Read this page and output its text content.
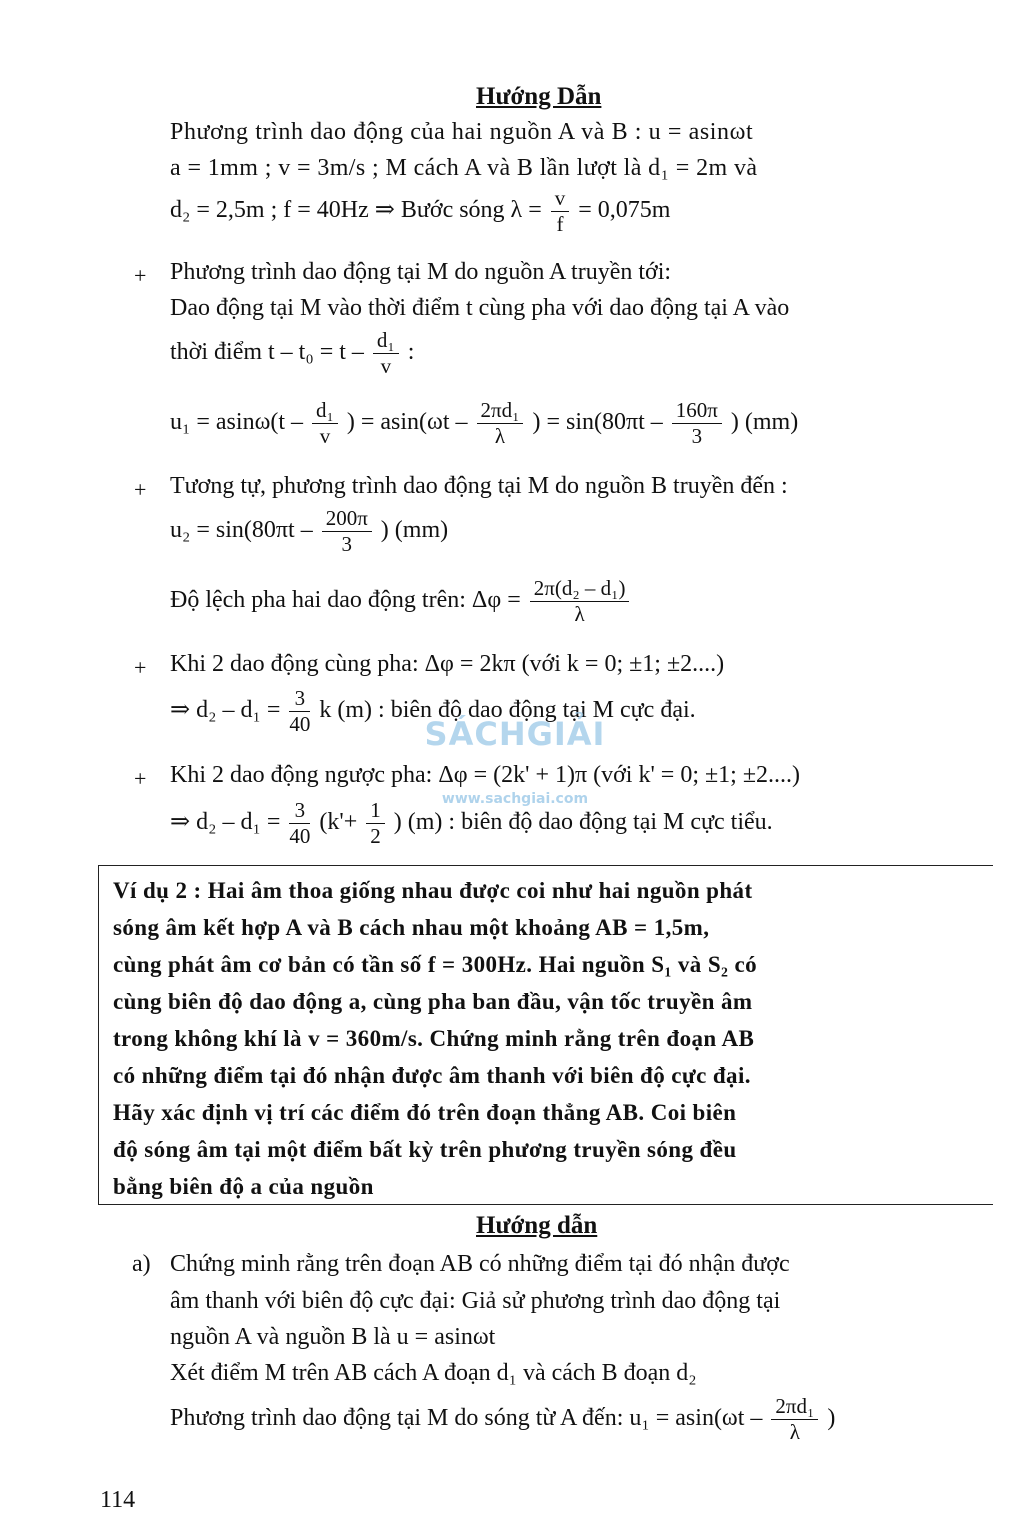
Hướng Dẫn
Phương trình dao động của hai nguồn A và B : u = asinωt
a = 1mm ; v = 3m/s ; M cách A và B lần lượt là d₁ = 2m và
d₂ = 2,5m ; f = 40Hz ⇒ Bước sóng $\lambda = \frac{v}{f} = 0,075m$
+ Phương trình dao động tại M do nguồn A truyền tới:
Dao động tại M vào thời điểm t cùng pha với dao động tại A vào
thời điểm $t - t_0 = t - \frac{\text{d₁}}{v}$ :
$u_1 = asin\omega(t - \frac{\text{d₁}}{v}$ ) = $asin(\omega t - \frac{\text{2πd₁}}{\lambda}$ ) = $\sin(80\pi t - \frac{160\pi}{3}$ ) (mm)
+ Tương tự, phương trình dao động tại M do nguồn B truyền đến :
$u_2 = \sin(80\pi t - \frac{200\pi}{3}$ ) (mm)
Độ lệch pha hai dao động trên: $\Delta\varphi = \frac{\text{2π(d₂ – d₁)}}{\lambda}$
+ Khi 2 dao động cùng pha: Δφ = 2kπ (với k = 0; ±1; ±2....)
⇒ $d_2 - d_1 = \frac{3}{40}$ k (m) : biên độ dao động tại M cực đại.
+ Khi 2 dao động ngược pha: Δφ = (2k' + 1)π (với k' = 0; ±1; ±2....)
⇒ $d_2 - d_1 = \frac{3}{40} (k'+ \frac{1}{2}$ ) (m) : biên độ dao động tại M cực tiểu.
SÁCHGIẢI
www.sachgiai.com
Ví dụ 2 : Hai âm thoa giống nhau được coi như hai nguồn phát
sóng âm kết hợp A và B cách nhau một khoảng AB = 1,5m,
cùng phát âm cơ bản có tần số f = 300Hz. Hai nguồn S₁ và S₂ có
cùng biên độ dao động a, cùng pha ban đầu, vận tốc truyền âm
trong không khí là v = 360m/s. Chứng minh rằng trên đoạn AB
có những điểm tại đó nhận được âm thanh với biên độ cực đại.
Hãy xác định vị trí các điểm đó trên đoạn thẳng AB. Coi biên
độ sóng âm tại một điểm bất kỳ trên phương truyền sóng đều
bằng biên độ a của nguồn
Hướng dẫn
a) Chứng minh rằng trên đoạn AB có những điểm tại đó nhận được
âm thanh với biên độ cực đại: Giả sử phương trình dao động tại
nguồn A và nguồn B là u = asinωt
Xét điểm M trên AB cách A đoạn d₁ và cách B đoạn d₂
Phương trình dao động tại M do sóng từ A đến: $u_1 = asin(\omega t - \frac{\text{2πd₁}}{\lambda}$ )
114
